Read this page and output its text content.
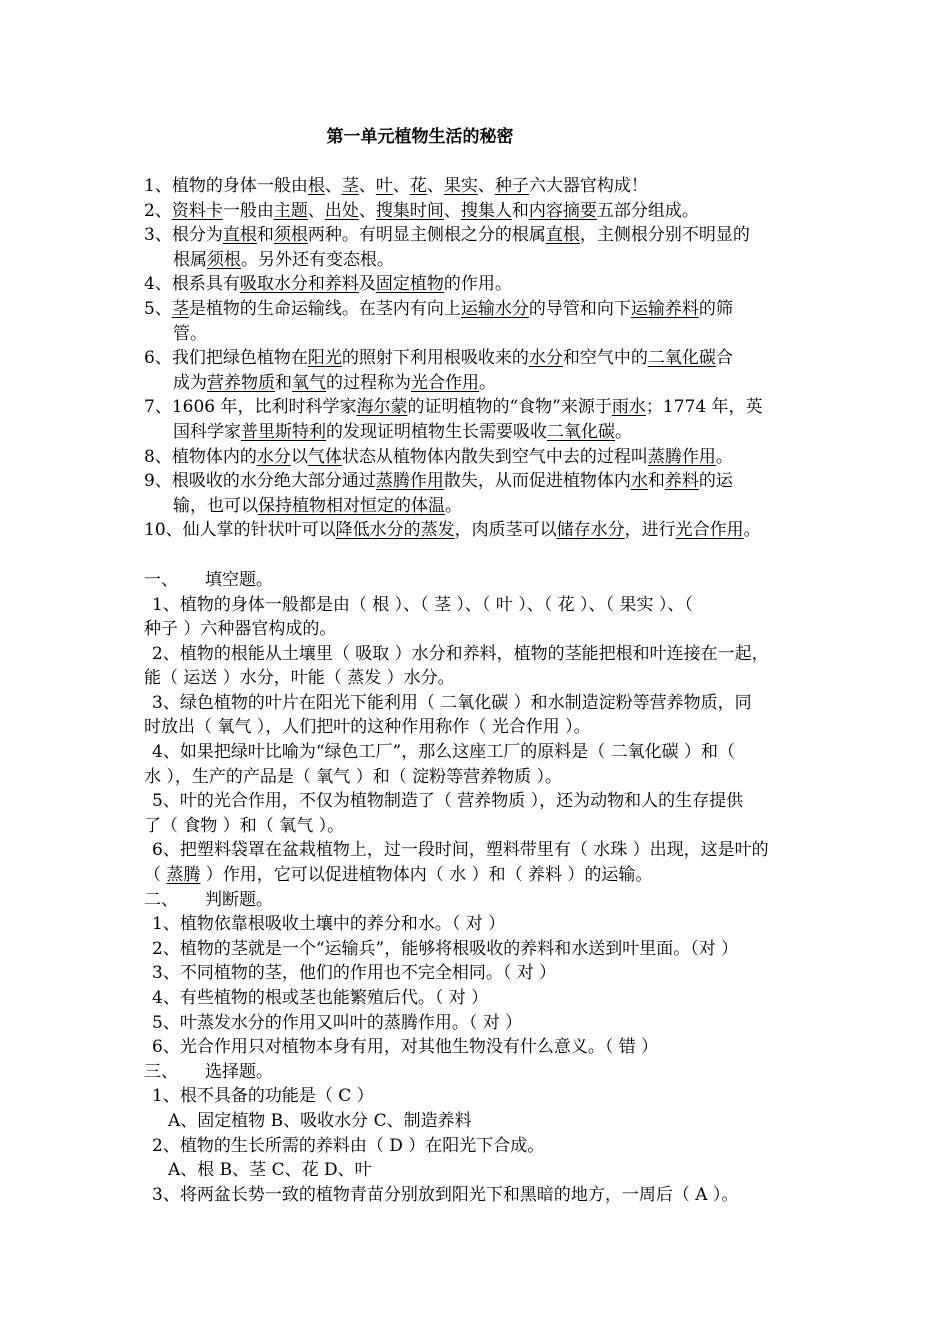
第一单元植物生活的秘密
1、植物的身体一般由根、茎、叶、花、果实、种子六大器官构成！
2、资料卡一般由主题、出处、搜集时间、搜集人和内容摘要五部分组成。
3、根分为直根和须根两种。有明显主侧根之分的根属直根，主侧根分别不明显的
根属须根。另外还有变态根。
4、根系具有吸取水分和养料及固定植物的作用。
5、茎是植物的生命运输线。在茎内有向上运输水分的导管和向下运输养料的筛
管。
6、我们把绿色植物在阳光的照射下利用根吸收来的水分和空气中的二氧化碳合
成为营养物质和氧气的过程称为光合作用。
7、1606 年，比利时科学家海尔蒙的证明植物的“食物”来源于雨水；1774 年，英
国科学家普里斯特利的发现证明植物生长需要吸收二氧化碳。
8、植物体内的水分以气体状态从植物体内散失到空气中去的过程叫蒸腾作用。
9、根吸收的水分绝大部分通过蒸腾作用散失，从而促进植物体内水和养料的运
输，也可以保持植物相对恒定的体温。
10、仙人掌的针状叶可以降低水分的蒸发，肉质茎可以储存水分，进行光合作用。
一、     填空题。
1、植物的身体一般都是由（ 根 ）、（ 茎 ）、（ 叶 ）、（ 花 ）、（ 果实 ）、（
种子 ）六种器官构成的。
2、植物的根能从土壤里（ 吸取 ）水分和养料，植物的茎能把根和叶连接在一起，
能（ 运送 ）水分，叶能（ 蒸发 ）水分。
3、绿色植物的叶片在阳光下能利用（ 二氧化碳 ）和水制造淀粉等营养物质，同
时放出（ 氧气 ），人们把叶的这种作用称作（ 光合作用 ）。
4、如果把绿叶比喻为“绿色工厂”，那么这座工厂的原料是（ 二氧化碳 ）和（
水 ），生产的产品是（ 氧气 ）和（ 淀粉等营养物质 ）。
5、叶的光合作用，不仅为植物制造了（ 营养物质 ），还为动物和人的生存提供
了（ 食物 ）和（ 氧气 ）。
6、把塑料袋罩在盆栽植物上，过一段时间，塑料带里有（ 水珠 ）出现，这是叶的
（ 蒸腾 ）作用，它可以促进植物体内（ 水 ）和（ 养料 ）的运输。
二、     判断题。
1、植物依靠根吸收土壤中的养分和水。（ 对 ）
2、植物的茎就是一个“运输兵”，能够将根吸收的养料和水送到叶里面。（对 ）
3、不同植物的茎，他们的作用也不完全相同。（ 对 ）
4、有些植物的根或茎也能繁殖后代。（ 对 ）
5、叶蒸发水分的作用又叫叶的蒸腾作用。（ 对 ）
6、光合作用只对植物本身有用，对其他生物没有什么意义。（ 错 ）
三、     选择题。
1、根不具备的功能是（ C ）
A、固定植物 B、吸收水分 C、制造养料
2、植物的生长所需的养料由（ D ）在阳光下合成。
A、根 B、茎 C、花 D、叶
3、将两盆长势一致的植物青苗分别放到阳光下和黑暗的地方，一周后（ A ）。
